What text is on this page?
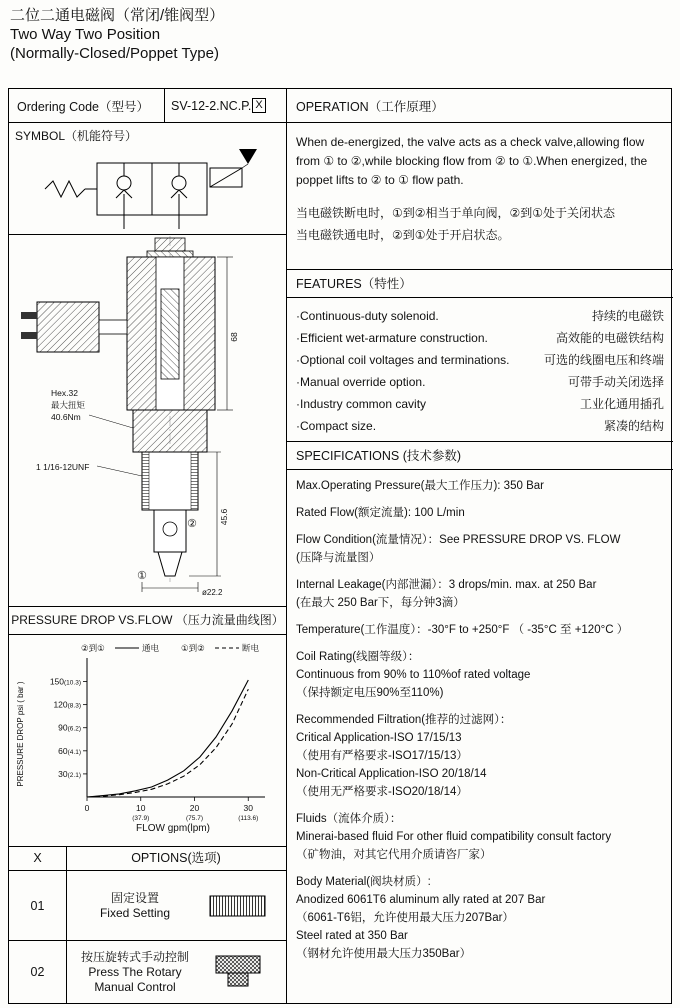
二位二通电磁阀（常闭/锥阀型）
Two Way Two Position
(Normally-Closed/Poppet Type)
Ordering Code（型号） SV-12-2.NC.P. X
SYMBOL（机能符号）
68
45.6
ø22.2
Hex.32
最大扭矩
40.6Nm
1 1/16-12UNF
②
①
PRESSURE DROP VS.FLOW （压力流量曲线图）
30(2.1)
60(4.1)
90(6.2)
120(8.3)
150(10.3)
0	10
(37.9)
20
(75.7)
30
(113.6)
②到①	通电	①到②	断电
PRESSURE DROP psi ( bar )
FLOW gpm(lpm)
X	OPTIONS(选项)
01
固定设置
Fixed Setting
02
按压旋转式手动控制
Press The Rotary
Manual Control
OPERATION（工作原理）
When de-energized, the valve acts as a check valve,allowing flow from ① to ②,while blocking flow from ② to ①.When energized, the poppet lifts to ② to ① flow path.
当电磁铁断电时，①到②相当于单向阀，②到①处于关闭状态
当电磁铁通电时，②到①处于开启状态。
FEATURES（特性）
·Continuous-duty solenoid.	持续的电磁铁
·Efficient wet-armature construction.	高效能的电磁铁结构
·Optional coil voltages and terminations.	可选的线圈电压和终端
·Manual override option.	可带手动关闭选择
·Industry common cavity	工业化通用插孔
·Compact size.	紧凑的结构
SPECIFICATIONS (技术参数)
Max.Operating Pressure(最大工作压力): 350 Bar
Rated Flow(额定流量): 100 L/min
Flow Condition(流量情况）：See PRESSURE DROP VS. FLOW
(压降与流量图）
Internal Leakage(内部泄漏）：3 drops/min. max. at 250 Bar
(在最大 250 Bar下，每分钟3滴）
Temperature(工作温度）：-30°F to +250°F （ -35°C 至 +120°C ）
Coil Rating(线圈等级）：
Continuous from 90% to 110%of rated voltage
（保持额定电压90%至110%)
Recommended Filtration(推荐的过滤网）：
Critical Application-ISO 17/15/13
（使用有严格要求-ISO17/15/13）
Non-Critical Application-ISO 20/18/14
（使用无严格要求-ISO20/18/14）
Fluids（流体介质）：
Minerai-based fluid For other fluid compatibility consult factory
（矿物油，对其它代用介质请咨厂家）
Body Material(阀块材质）:
Anodized 6061T6 aluminum ally rated at 207 Bar
（6061-T6铝，允许使用最大压力207Bar）
Steel rated at 350 Bar
（钢材允许使用最大压力350Bar）
